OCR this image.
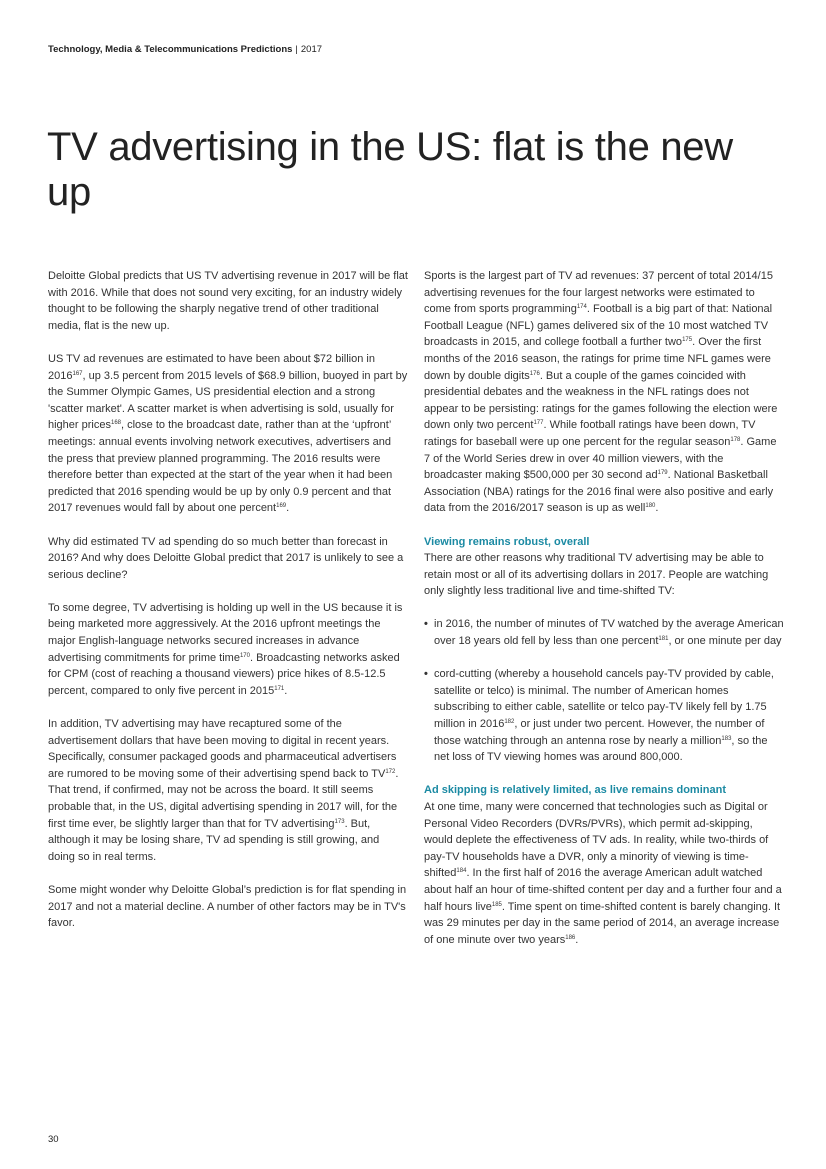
Technology, Media & Telecommunications Predictions | 2017
TV advertising in the US: flat is the new up

Deloitte Global predicts that US TV advertising revenue in 2017 will be flat with 2016. While that does not sound very exciting, for an industry widely thought to be following the sharply negative trend of other traditional media, flat is the new up.

US TV ad revenues are estimated to have been about $72 billion in 2016$^{167}$, up 3.5 percent from 2015 levels of $68.9 billion, buoyed in part by the Summer Olympic Games, US presidential election and a strong 'scatter market'. A scatter market is when advertising is sold, usually for higher prices$^{168}$, close to the broadcast date, rather than at the ‘upfront’ meetings: annual events involving network executives, advertisers and the press that preview planned programming. The 2016 results were therefore better than expected at the start of the year when it had been predicted that 2016 spending would be up by only 0.9 percent and that 2017 revenues would fall by about one percent$^{169}$.

Why did estimated TV ad spending do so much better than forecast in 2016? And why does Deloitte Global predict that 2017 is unlikely to see a serious decline?

To some degree, TV advertising is holding up well in the US because it is being marketed more aggressively. At the 2016 upfront meetings the major English-language networks secured increases in advance advertising commitments for prime time$^{170}$. Broadcasting networks asked for CPM (cost of reaching a thousand viewers) price hikes of 8.5-12.5 percent, compared to only five percent in 2015$^{171}$.

In addition, TV advertising may have recaptured some of the advertisement dollars that have been moving to digital in recent years. Specifically, consumer packaged goods and pharmaceutical advertisers are rumored to be moving some of their advertising spend back to TV$^{172}$. That trend, if confirmed, may not be across the board. It still seems probable that, in the US, digital advertising spending in 2017 will, for the first time ever, be slightly larger than that for TV advertising$^{173}$. But, although it may be losing share, TV ad spending is still growing, and doing so in real terms.

Some might wonder why Deloitte Global’s prediction is for flat spending in 2017 and not a material decline. A number of other factors may be in TV's favor.

Sports is the largest part of TV ad revenues: 37 percent of total 2014/15 advertising revenues for the four largest networks were estimated to come from sports programming$^{174}$. Football is a big part of that: National Football League (NFL) games delivered six of the 10 most watched TV broadcasts in 2015, and college football a further two$^{175}$. Over the first months of the 2016 season, the ratings for prime time NFL games were down by double digits$^{176}$. But a couple of the games coincided with presidential debates and the weakness in the NFL ratings does not appear to be persisting: ratings for the games following the election were down only two percent$^{177}$. While football ratings have been down, TV ratings for baseball were up one percent for the regular season$^{178}$. Game 7 of the World Series drew in over 40 million viewers, with the broadcaster making $500,000 per 30 second $ad^{179}$. National Basketball Association (NBA) ratings for the 2016 final were also positive and early data from the 2016/2017 season is up as well$^{180}$.

Viewing remains robust, overall

There are other reasons why traditional TV advertising may be able to retain most or all of its advertising dollars in 2017. People are watching only slightly less traditional live and time-shifted TV:

• in 2016, the number of minutes of TV watched by the average American over 18 years old fell by less than one percent$^{181}$, or one minute per day
• cord-cutting (whereby a household cancels pay-TV provided by cable, satellite or telco) is minimal. The number of American homes subscribing to either cable, satellite or telco pay-TV likely fell by 1.75 million in 2016$^{182}$, or just under two percent. However, the number of those watching through an antenna rose by nearly a million$^{183}$, so the net loss of TV viewing homes was around 800,000.
Ad skipping is relatively limited, as live remains dominant

At one time, many were concerned that technologies such as Digital or Personal Video Recorders (DVRs/PVRs), which permit ad-skipping, would deplete the effectiveness of TV ads. In reality, while two-thirds of pay-TV households have a DVR, only a minority of viewing is time-shifted$^{184}$. In the first half of 2016 the average American adult watched about half an hour of time-shifted content per day and a further four and a half hours live$^{185}$. Time spent on time-shifted content is barely changing. It was 29 minutes per day in the same period of 2014, an average increase of one minute over two years$^{186}$.

30
